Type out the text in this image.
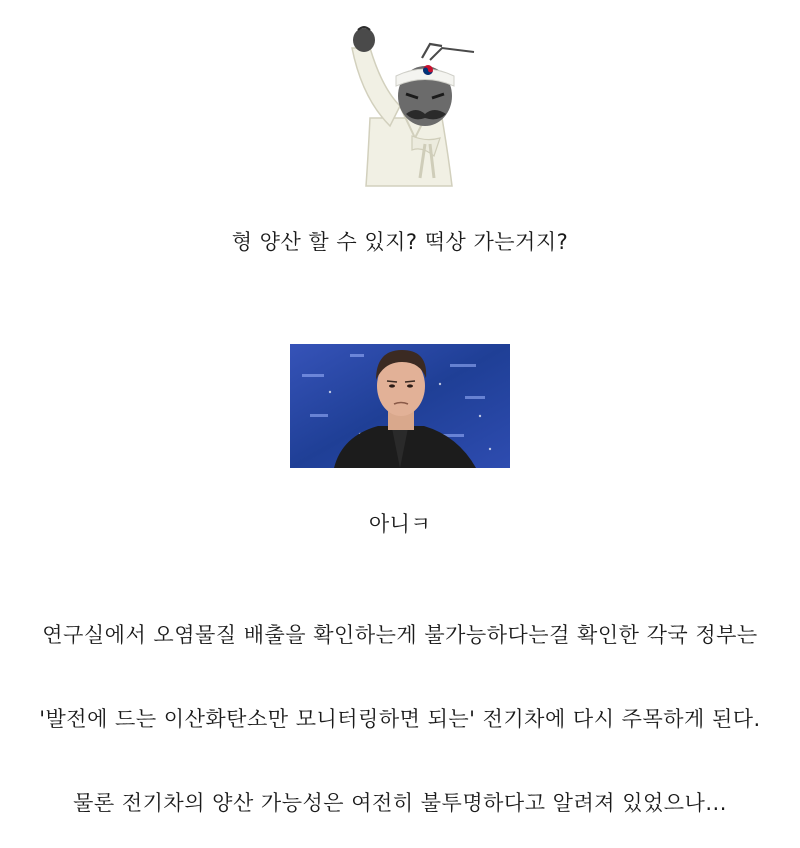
형 양산 할 수 있지? 떡상 가는거지?
아니ㅋ
연구실에서 오염물질 배출을 확인하는게 불가능하다는걸 확인한 각국 정부는
'발전에 드는 이산화탄소만 모니터링하면 되는' 전기차에 다시 주목하게 된다.
물론 전기차의 양산 가능성은 여전히 불투명하다고 알려져 있었으나...
